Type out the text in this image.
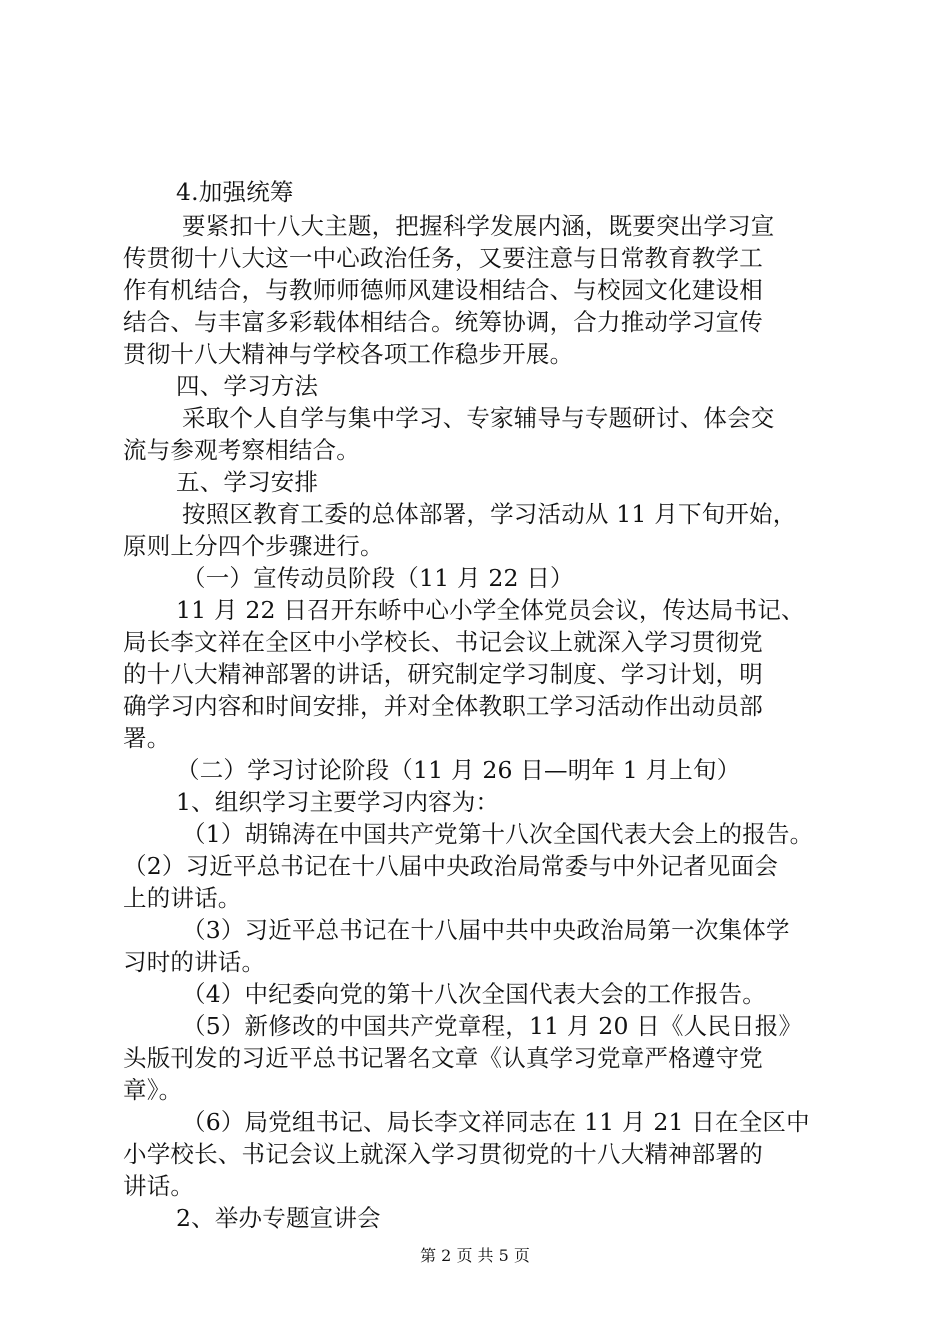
4.加强统筹
要紧扣十八大主题，把握科学发展内涵，既要突出学习宣
传贯彻十八大这一中心政治任务，又要注意与日常教育教学工
作有机结合，与教师师德师风建设相结合、与校园文化建设相
结合、与丰富多彩载体相结合。统筹协调，合力推动学习宣传
贯彻十八大精神与学校各项工作稳步开展。
四、学习方法
采取个人自学与集中学习、专家辅导与专题研讨、体会交
流与参观考察相结合。
五、学习安排
按照区教育工委的总体部署，学习活动从 11 月下旬开始，
原则上分四个步骤进行。
（一）宣传动员阶段（11 月 22 日）
11 月 22 日召开东峤中心小学全体党员会议，传达局书记、
局长李文祥在全区中小学校长、书记会议上就深入学习贯彻党
的十八大精神部署的讲话，研究制定学习制度、学习计划，明
确学习内容和时间安排，并对全体教职工学习活动作出动员部
署。
（二）学习讨论阶段（11 月 26 日—明年 1 月上旬）
1、组织学习主要学习内容为：
（1）胡锦涛在中国共产党第十八次全国代表大会上的报告。
（2）习近平总书记在十八届中央政治局常委与中外记者见面会
上的讲话。
（3）习近平总书记在十八届中共中央政治局第一次集体学
习时的讲话。
（4）中纪委向党的第十八次全国代表大会的工作报告。
（5）新修改的中国共产党章程，11 月 20 日《人民日报》
头版刊发的习近平总书记署名文章《认真学习党章严格遵守党
章》。
（6）局党组书记、局长李文祥同志在 11 月 21 日在全区中
小学校长、书记会议上就深入学习贯彻党的十八大精神部署的
讲话。
2、举办专题宣讲会
第 2 页 共 5 页
